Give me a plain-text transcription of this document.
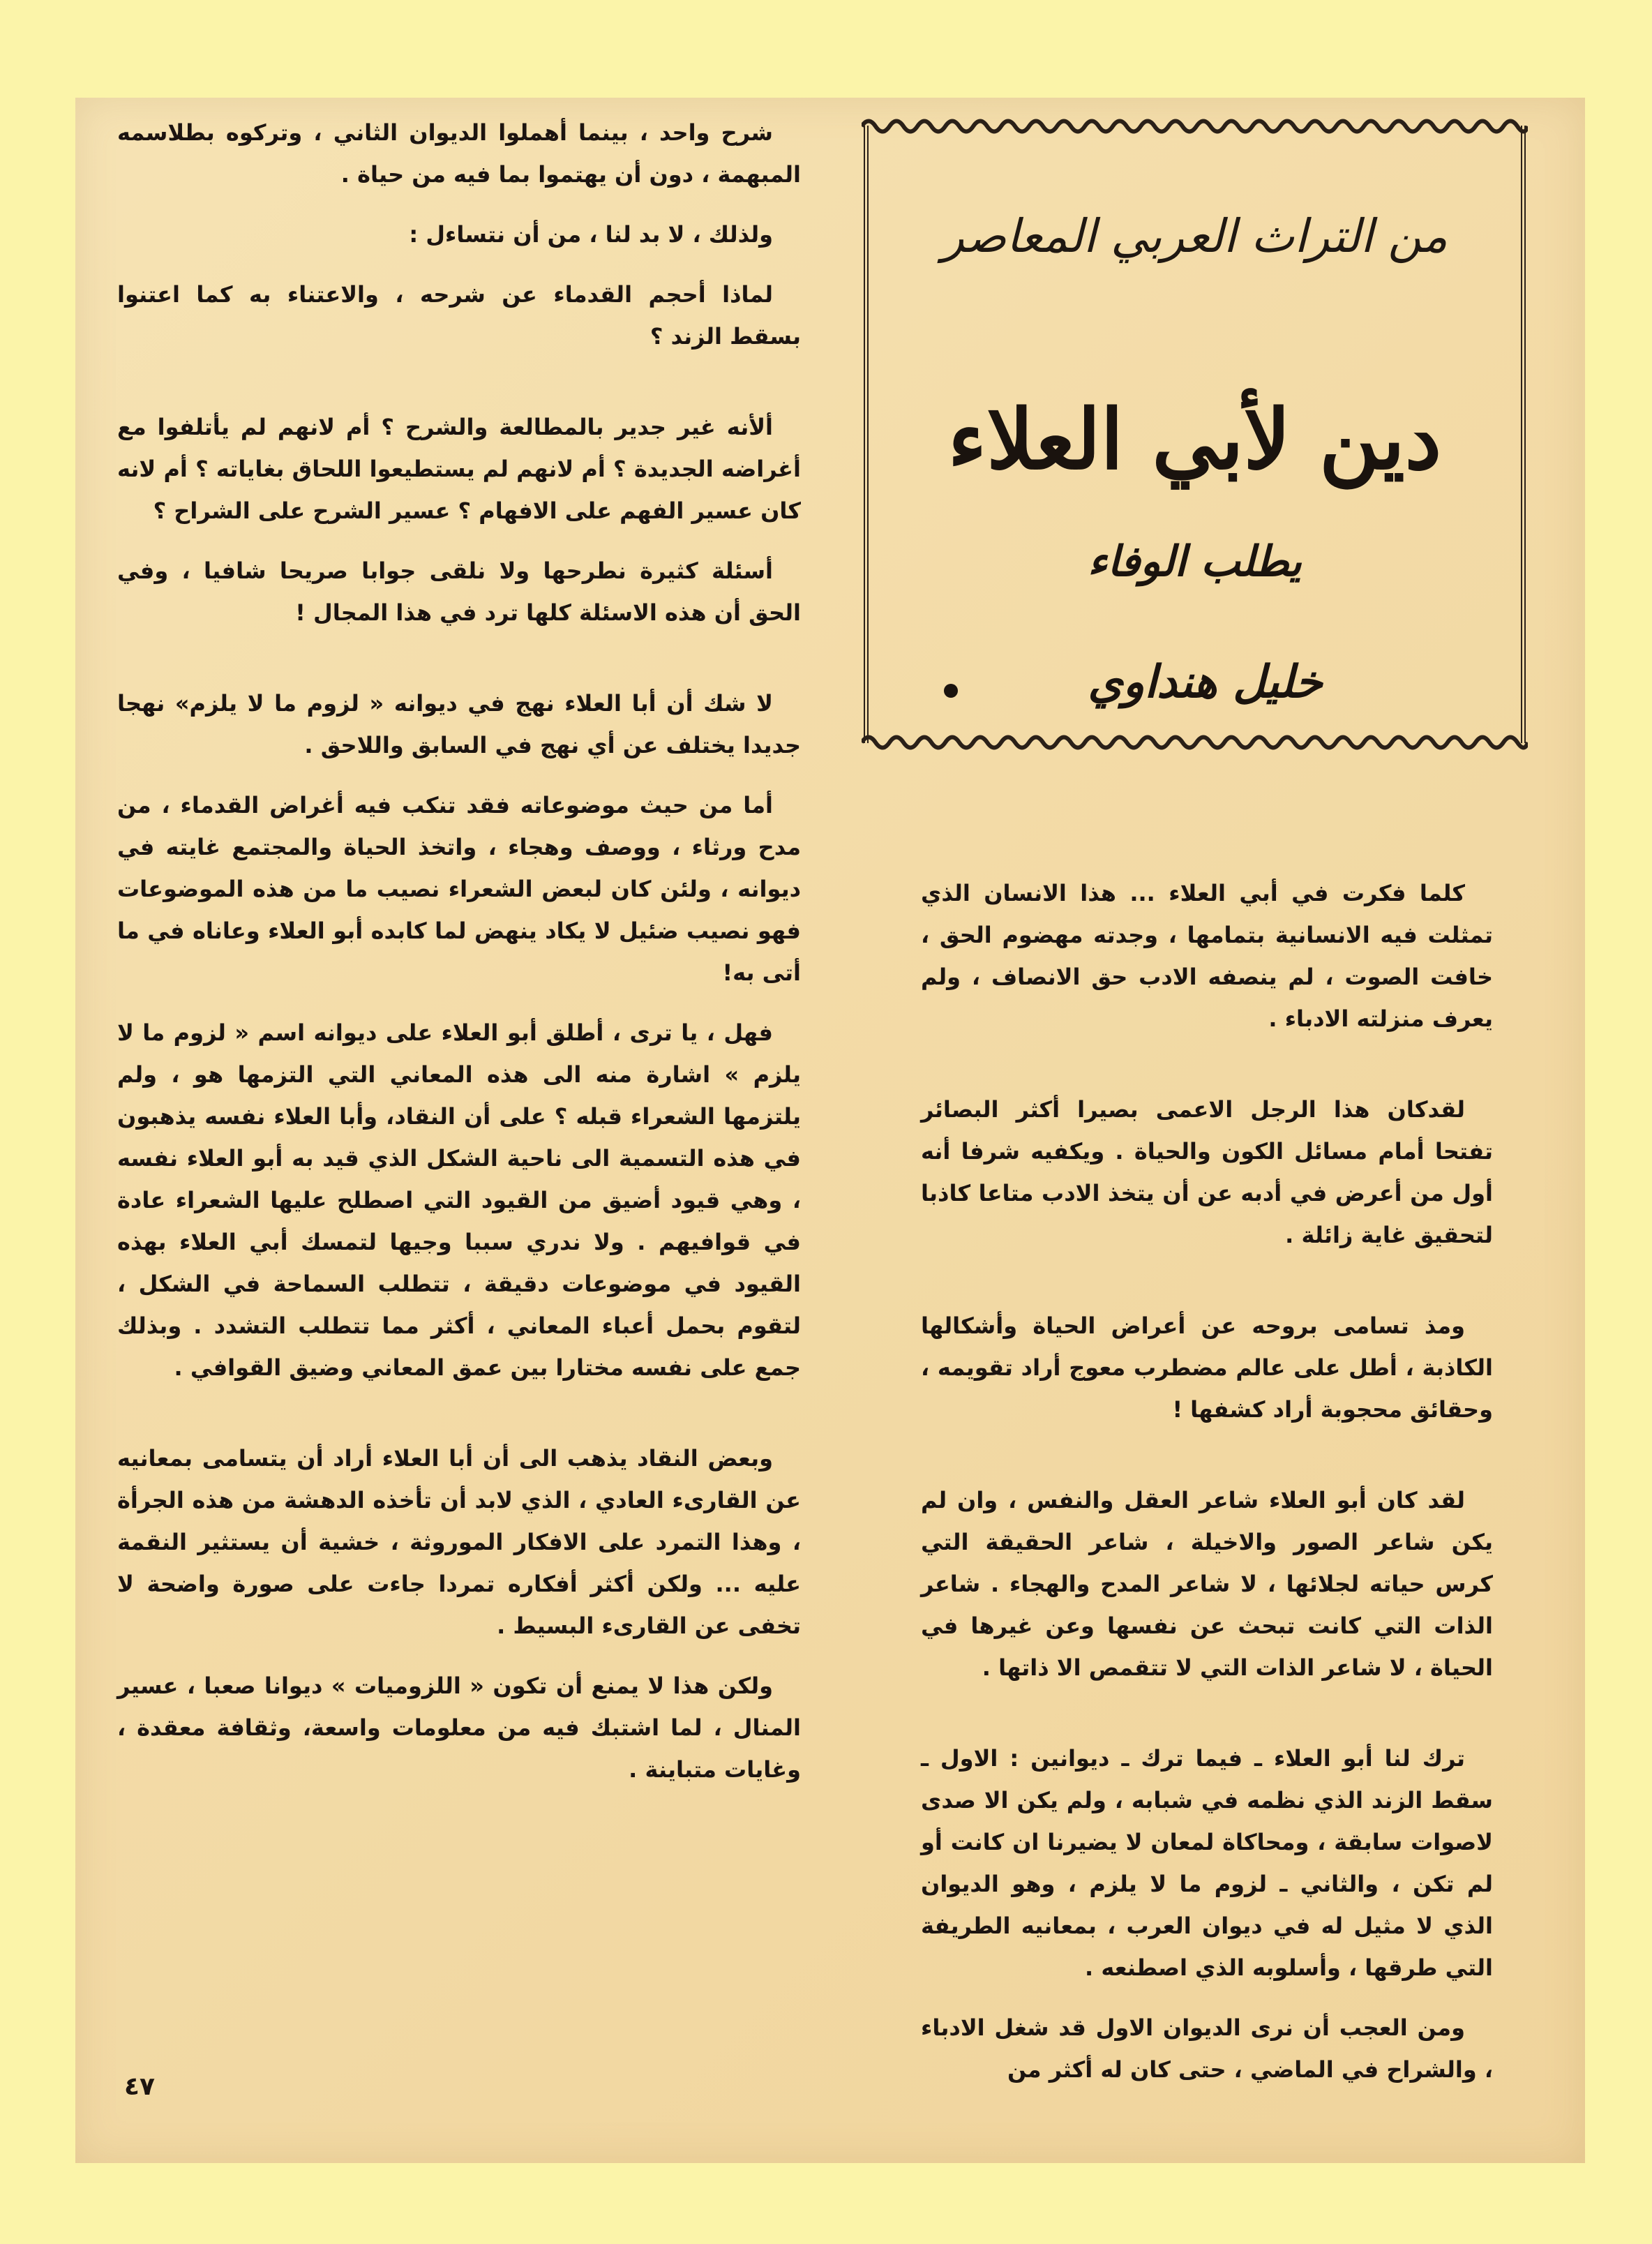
من التراث العربي المعاصر
دين لأبي العلاء
يطلب الوفاء
خليل هنداوي

كلما فكرت في أبي العلاء ... هذا الانسان الذي تمثلت فيه الانسانية بتمامها ، وجدته مهضوم الحق ، خافت الصوت ، لم ينصفه الادب حق الانصاف ، ولم يعرف منزلته الادباء .

لقدكان هذا الرجل الاعمى بصيرا أكثر البصائر تفتحا أمام مسائل الكون والحياة . ويكفيه شرفا أنه أول من أعرض في أدبه عن أن يتخذ الادب متاعا كاذبا لتحقيق غاية زائلة .

ومذ تسامى بروحه عن أعراض الحياة وأشكالها الكاذبة ، أطل على عالم مضطرب معوج أراد تقويمه ، وحقائق محجوبة أراد كشفها !

لقد كان أبو العلاء شاعر العقل والنفس ، وان لم يكن شاعر الصور والاخيلة ، شاعر الحقيقة التي كرس حياته لجلائها ، لا شاعر المدح والهجاء . شاعر الذات التي كانت تبحث عن نفسها وعن غيرها في الحياة ، لا شاعر الذات التي لا تتقمص الا ذاتها .

ترك لنا أبو العلاء ـ فيما ترك ـ ديوانين : الاول ـ سقط الزند الذي نظمه في شبابه ، ولم يكن الا صدى لاصوات سابقة ، ومحاكاة لمعان لا يضيرنا ان كانت أو لم تكن ، والثاني ـ لزوم ما لا يلزم ، وهو الديوان الذي لا مثيل له في ديوان العرب ، بمعانيه الطريفة التي طرقها ، وأسلوبه الذي اصطنعه .

ومن العجب أن نرى الديوان الاول قد شغل الادباء ، والشراح في الماضي ، حتى كان له أكثر من

شرح واحد ، بينما أهملوا الديوان الثاني ، وتركوه بطلاسمه المبهمة ، دون أن يهتموا بما فيه من حياة .

ولذلك ، لا بد لنا ، من أن نتساءل :

لماذا أحجم القدماء عن شرحه ، والاعتناء به كما اعتنوا بسقط الزند ؟

ألأنه غير جدير بالمطالعة والشرح ؟ أم لانهم لم يأتلفوا مع أغراضه الجديدة ؟ أم لانهم لم يستطيعوا اللحاق بغاياته ؟ أم لانه كان عسير الفهم على الافهام ؟ عسير الشرح على الشراح ؟

أسئلة كثيرة نطرحها ولا نلقى جوابا صريحا شافيا ، وفي الحق أن هذه الاسئلة كلها ترد في هذا المجال !

لا شك أن أبا العلاء نهج في ديوانه « لزوم ما لا يلزم» نهجا جديدا يختلف عن أي نهج في السابق واللاحق .

أما من حيث موضوعاته فقد تنكب فيه أغراض القدماء ، من مدح ورثاء ، ووصف وهجاء ، واتخذ الحياة والمجتمع غايته في ديوانه ، ولئن كان لبعض الشعراء نصيب ما من هذه الموضوعات فهو نصيب ضئيل لا يكاد ينهض لما كابده أبو العلاء وعاناه في ما أتى به!

فهل ، يا ترى ، أطلق أبو العلاء على ديوانه اسم « لزوم ما لا يلزم » اشارة منه الى هذه المعاني التي التزمها هو ، ولم يلتزمها الشعراء قبله ؟ على أن النقاد، وأبا العلاء نفسه يذهبون في هذه التسمية الى ناحية الشكل الذي قيد به أبو العلاء نفسه ، وهي قيود أضيق من القيود التي اصطلح عليها الشعراء عادة في قوافيهم . ولا ندري سببا وجيها لتمسك أبي العلاء بهذه القيود في موضوعات دقيقة ، تتطلب السماحة في الشكل ، لتقوم بحمل أعباء المعاني ، أكثر مما تتطلب التشدد . وبذلك جمع على نفسه مختارا بين عمق المعاني وضيق القوافي .

وبعض النقاد يذهب الى أن أبا العلاء أراد أن يتسامى بمعانيه عن القارىء العادي ، الذي لابد أن تأخذه الدهشة من هذه الجرأة ، وهذا التمرد على الافكار الموروثة ، خشية أن يستثير النقمة عليه ... ولكن أكثر أفكاره تمردا جاءت على صورة واضحة لا تخفى عن القارىء البسيط .

ولكن هذا لا يمنع أن تكون « اللزوميات » ديوانا صعبا ، عسير المنال ، لما اشتبك فيه من معلومات واسعة، وثقافة معقدة ، وغايات متباينة .

٤٧
